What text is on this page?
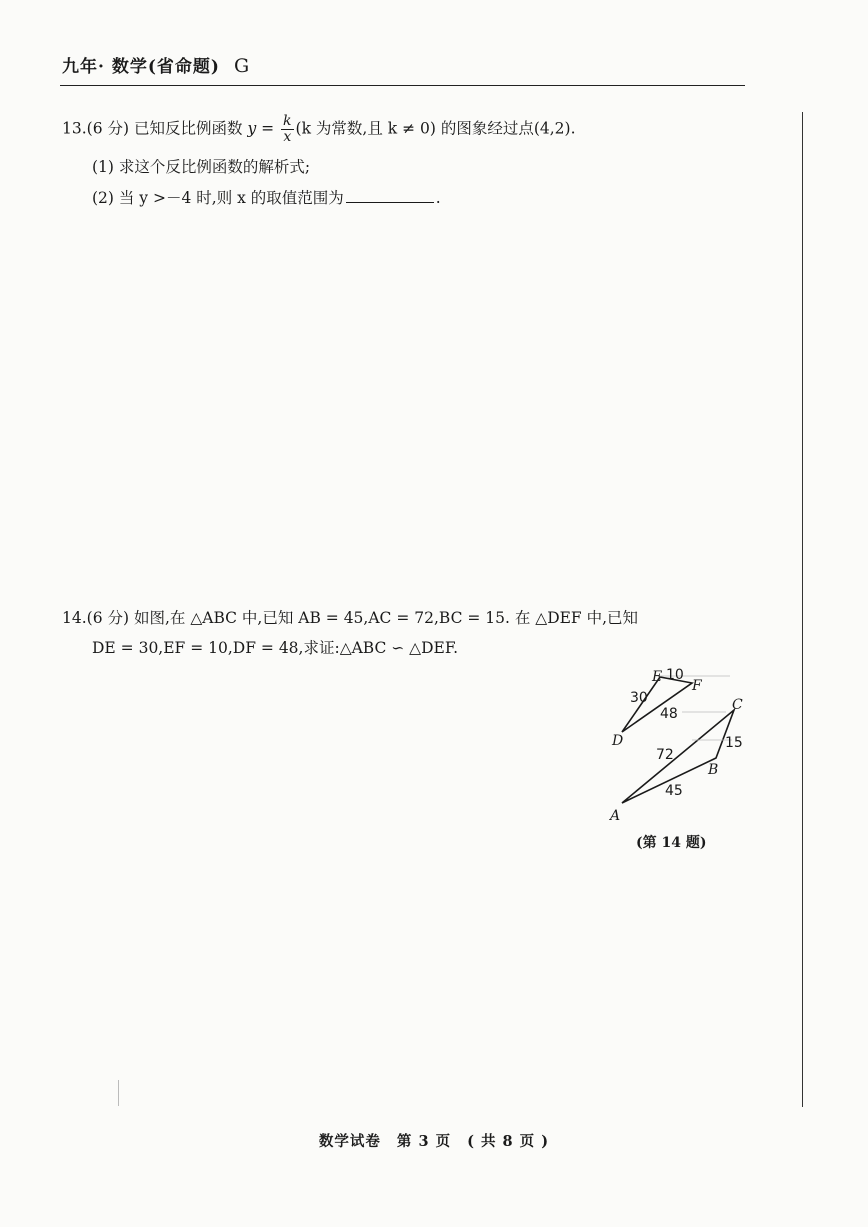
九年· 数学(省命题) G
13.(6 分) 已知反比例函数 $y = \frac{k}{x} (k$ 为常数,且 k ≠ 0) 的图象经过点(4,2).
(1) 求这个反比例函数的解析式;
(2) 当 y >－4 时,则 x 的取值范围为	.
14.(6 分) 如图,在 △ABC 中,已知 AB = 45,AC = 72,BC = 15. 在 △DEF 中,已知
DE = 30,EF = 10,DF = 48,求证:△ABC ∽ △DEF.
E
F
D
C
B
A
10
30
48
72
15
45
(第 14 题)
数学试卷 第 3 页 ( 共 8 页 )
